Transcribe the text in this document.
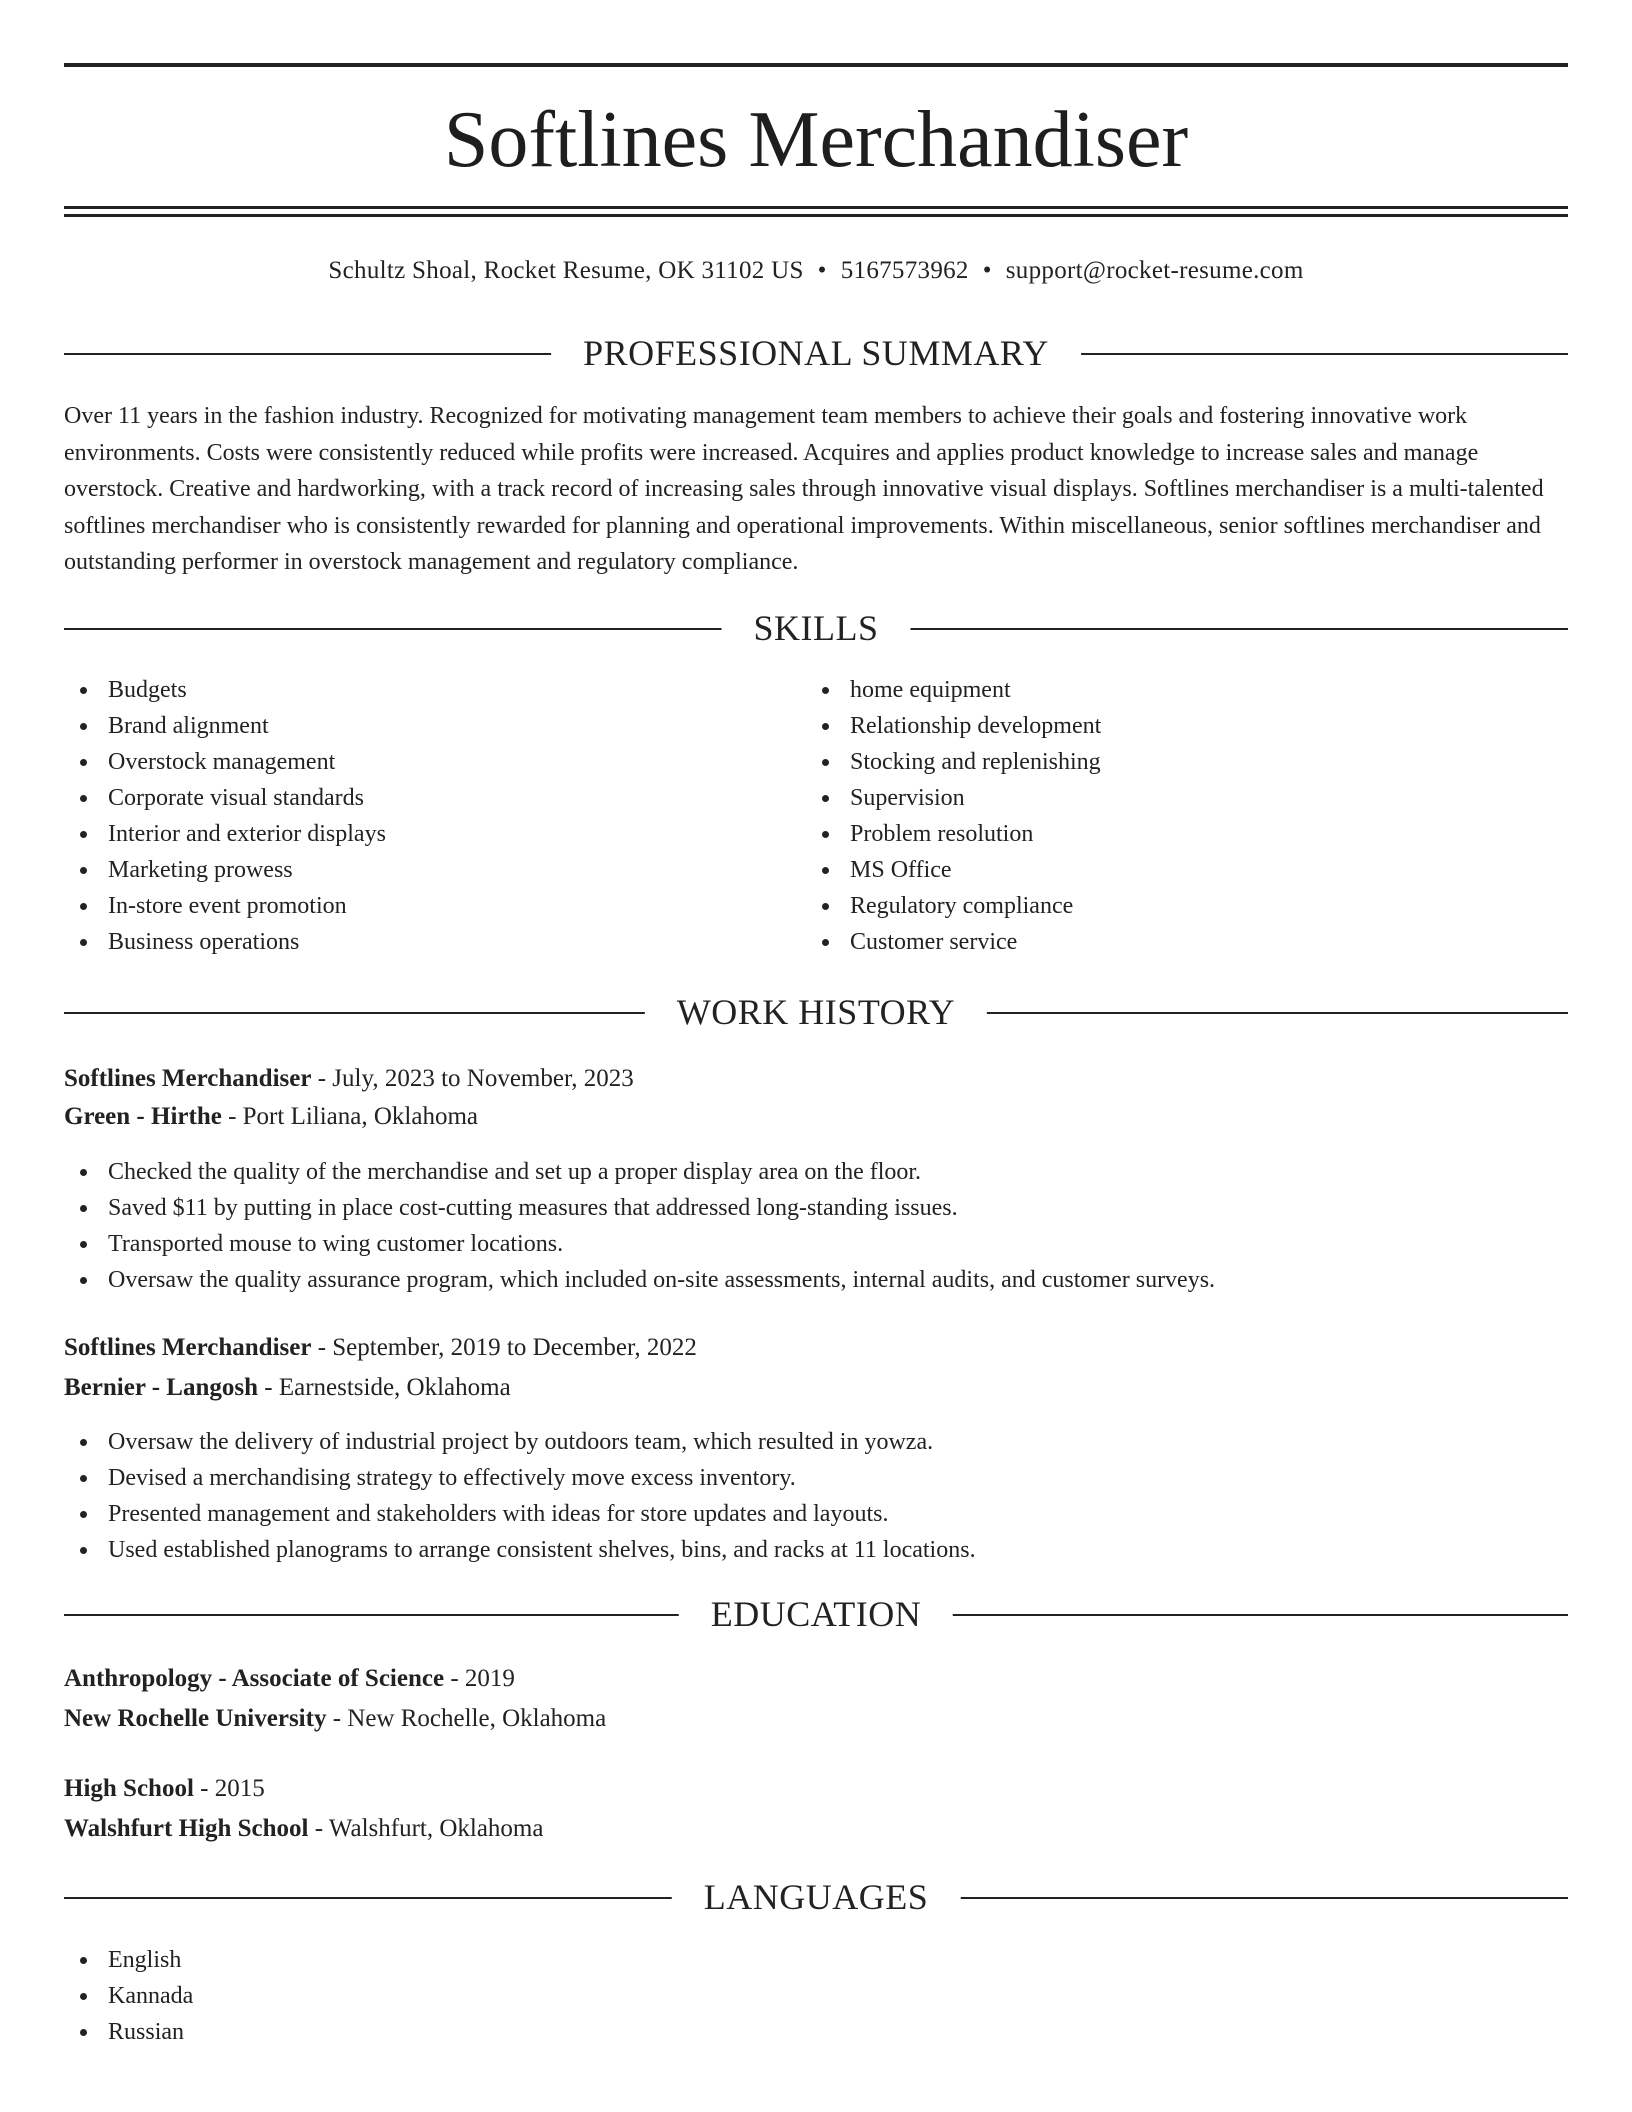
Softlines Merchandiser
Schultz Shoal, Rocket Resume, OK 31102 US • 5167573962 • support@rocket-resume.com
PROFESSIONAL SUMMARY

Over 11 years in the fashion industry. Recognized for motivating management team members to achieve their goals and fostering innovative work environments. Costs were consistently reduced while profits were increased. Acquires and applies product knowledge to increase sales and manage overstock. Creative and hardworking, with a track record of increasing sales through innovative visual displays. Softlines merchandiser is a multi-talented softlines merchandiser who is consistently rewarded for planning and operational improvements. Within miscellaneous, senior softlines merchandiser and outstanding performer in overstock management and regulatory compliance.

SKILLS
Budgets
Brand alignment
Overstock management
Corporate visual standards
Interior and exterior displays
Marketing prowess
In-store event promotion
Business operations
home equipment
Relationship development
Stocking and replenishing
Supervision
Problem resolution
MS Office
Regulatory compliance
Customer service
WORK HISTORY
Softlines Merchandiser - July, 2023 to November, 2023
Green - Hirthe - Port Liliana, Oklahoma
Checked the quality of the merchandise and set up a proper display area on the floor.
Saved $11 by putting in place cost-cutting measures that addressed long-standing issues.
Transported mouse to wing customer locations.
Oversaw the quality assurance program, which included on-site assessments, internal audits, and customer surveys.
Softlines Merchandiser - September, 2019 to December, 2022
Bernier - Langosh - Earnestside, Oklahoma
Oversaw the delivery of industrial project by outdoors team, which resulted in yowza.
Devised a merchandising strategy to effectively move excess inventory.
Presented management and stakeholders with ideas for store updates and layouts.
Used established planograms to arrange consistent shelves, bins, and racks at 11 locations.
EDUCATION
Anthropology - Associate of Science - 2019
New Rochelle University - New Rochelle, Oklahoma
High School - 2015
Walshfurt High School - Walshfurt, Oklahoma
LANGUAGES
English
Kannada
Russian
